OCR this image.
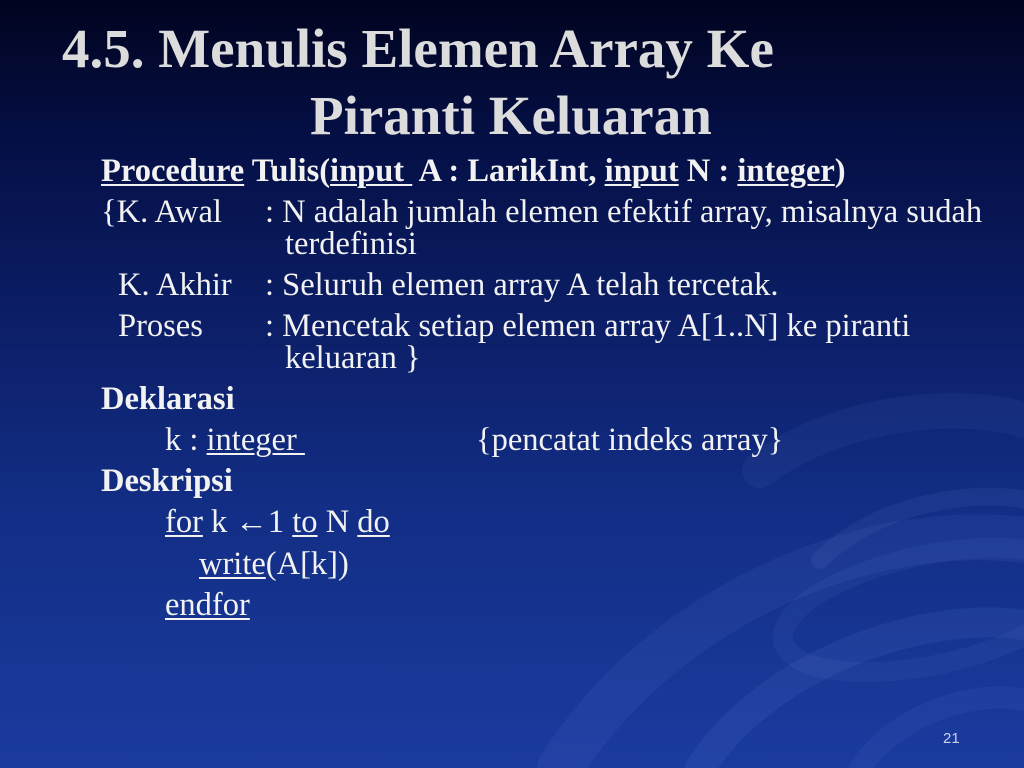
4.5. Menulis Elemen Array Ke
Piranti Keluaran
Procedure Tulis(input  A : LarikInt, input N : integer)
{K. Awal : N adalah jumlah elemen efektif array, misalnya sudah
terdefinisi
K. Akhir : Seluruh elemen array A telah tercetak.
Proses : Mencetak setiap elemen array A[1..N] ke piranti
keluaran }
Deklarasi
k : integer	{pencatat indeks array}
Deskripsi
for k ←1 to N do
write(A[k])
endfor
21
